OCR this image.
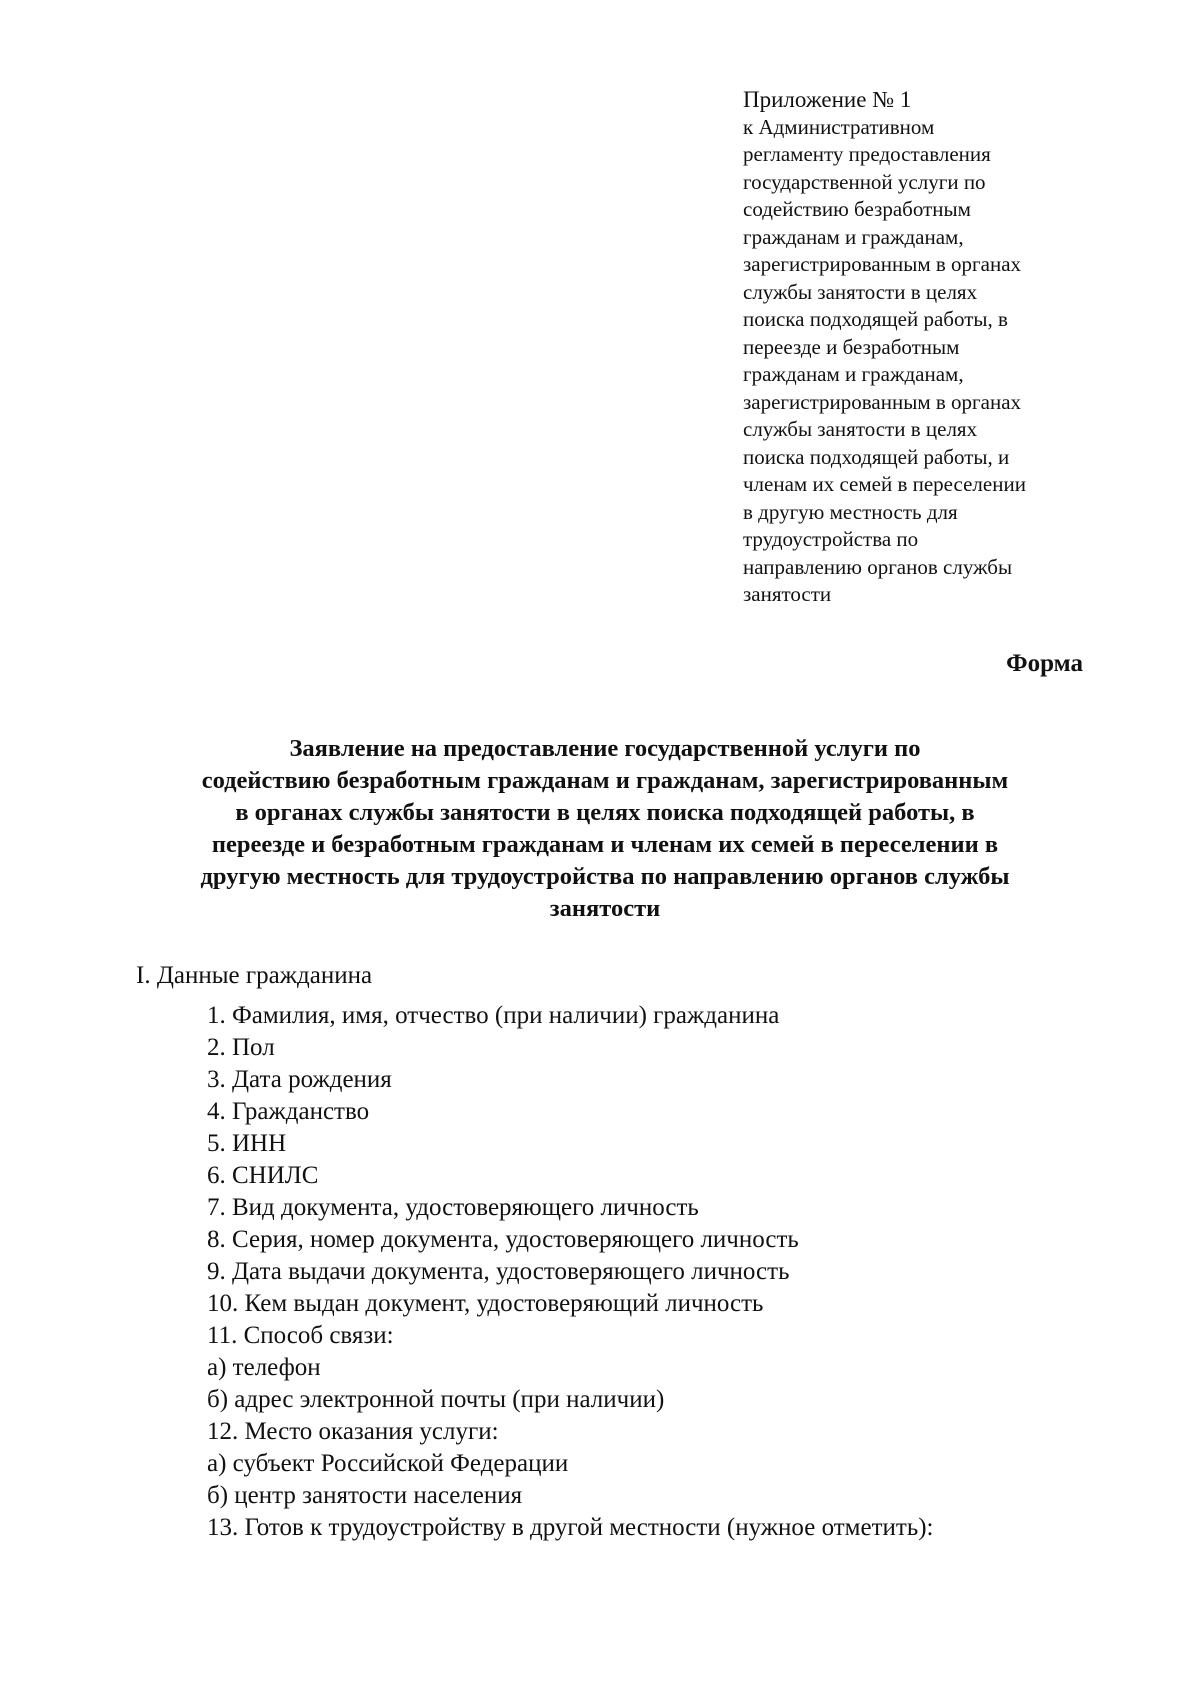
Приложение № 1
к Административном
регламенту предоставления
государственной услуги по
содействию безработным
гражданам и гражданам,
зарегистрированным в органах
службы занятости в целях
поиска подходящей работы, в
переезде и безработным
гражданам и гражданам,
зарегистрированным в органах
службы занятости в целях
поиска подходящей работы, и
членам их семей в переселении
в другую местность для
трудоустройства по
направлению органов службы
занятости
Форма
Заявление на предоставление государственной услуги по
содействию безработным гражданам и гражданам, зарегистрированным
в органах службы занятости в целях поиска подходящей работы, в
переезде и безработным гражданам и членам их семей в переселении в
другую местность для трудоустройства по направлению органов службы
занятости
I. Данные гражданина
1. Фамилия, имя, отчество (при наличии) гражданина
2. Пол
3. Дата рождения
4. Гражданство
5. ИНН
6. СНИЛС
7. Вид документа, удостоверяющего личность
8. Серия, номер документа, удостоверяющего личность
9. Дата выдачи документа, удостоверяющего личность
10. Кем выдан документ, удостоверяющий личность
11. Способ связи:
а) телефон
б) адрес электронной почты (при наличии)
12. Место оказания услуги:
а) субъект Российской Федерации
б) центр занятости населения
13. Готов к трудоустройству в другой местности (нужное отметить):
